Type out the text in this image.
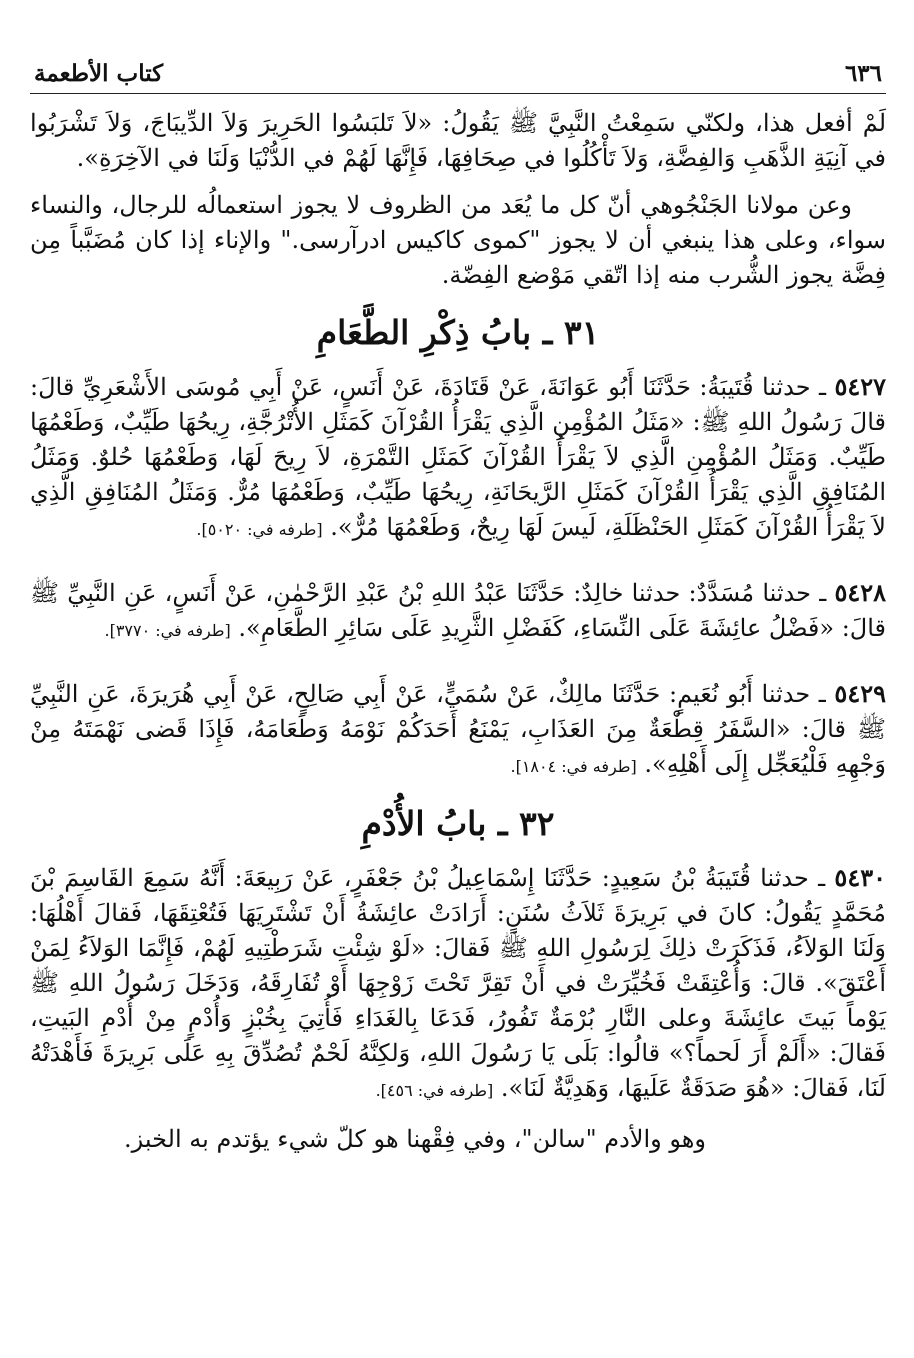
٦٣٦
كتاب الأطعمة

لَمْ أفعل هذا، ولكنّي سَمِعْتُ النَّبِيَّ ﷺ يَقُولُ: «لاَ تَلبَسُوا الحَرِيرَ وَلاَ الدِّيبَاجَ، وَلاَ تَشْرَبُوا في آنِيَةِ الذَّهَبِ وَالفِضَّةِ، وَلاَ تَأْكُلُوا في صِحَافِهَا، فَإِنَّهَا لَهُمْ في الدُّنْيَا وَلَنَا في الآخِرَةِ».

وعن مولانا الجَنْجُوهي أنّ كل ما يُعَد من الظروف لا يجوز استعمالُه للرجال، والنساء سواء، وعلى هذا ينبغي أن لا يجوز "كموى كاكيس ادرآرسى." والإناء إذا كان مُضَبَّباً مِن فِضَّة يجوز الشُّرب منه إذا اتّقي مَوْضع الفِضّة.

٣١ ـ بابُ ذِكْرِ الطَّعَامِ

٥٤٢٧ ـ حدثنا قُتَيبَةُ: حَدَّثَنَا أَبُو عَوَانَةَ، عَنْ قَتَادَةَ، عَنْ أَنَسٍ، عَنْ أَبِي مُوسَى الأَشْعَرِيِّ قالَ: قالَ رَسُولُ اللهِ ﷺ: «مَثَلُ المُؤْمِنِ الَّذِي يَقْرَأُ القُرْآنَ كَمَثَلِ الأُتْرُجَّةِ، رِيحُهَا طَيِّبٌ، وَطَعْمُهَا طَيِّبٌ. وَمَثَلُ المُؤْمِنِ الَّذِي لاَ يَقْرَأُ القُرْآنَ كَمَثَلِ التَّمْرَةِ، لاَ رِيحَ لَهَا، وَطَعْمُهَا حُلوٌ. وَمَثَلُ المُنَافِقِ الَّذِي يَقْرَأُ القُرْآنَ كَمَثَلِ الرَّيحَانَةِ، رِيحُهَا طَيِّبٌ، وَطَعْمُهَا مُرٌّ. وَمَثَلُ المُنَافِقِ الَّذِي لاَ يَقْرَأُ القُرْآنَ كَمَثَلِ الحَنْظَلَةِ، لَيسَ لَهَا رِيحٌ، وَطَعْمُهَا مُرٌّ». [طرفه في: ٥٠٢٠].

٥٤٢٨ ـ حدثنا مُسَدَّدٌ: حدثنا خالِدٌ: حَدَّثَنَا عَبْدُ اللهِ بْنُ عَبْدِ الرَّحْمٰنِ، عَنْ أَنَسٍ، عَنِ النَّبِيِّ ﷺ قالَ: «فَضْلُ عائِشَةَ عَلَى النِّسَاءِ، كَفَضْلِ الثَّرِيدِ عَلَى سَائِرِ الطَّعَامِ». [طرفه في: ٣٧٧٠].

٥٤٢٩ ـ حدثنا أَبُو نُعَيمٍ: حَدَّثَنَا مالِكٌ، عَنْ سُمَيٍّ، عَنْ أَبِي صَالِحٍ، عَنْ أَبِي هُرَيرَةَ، عَنِ النَّبِيِّ ﷺ قالَ: «السَّفَرُ قِطْعَةٌ مِنَ العَذَابِ، يَمْنَعُ أَحَدَكُمْ نَوْمَهُ وَطَعَامَهُ، فَإِذَا قَضى نَهْمَتَهُ مِنْ وَجْهِهِ فَلْيُعَجِّل إِلَى أَهْلِهِ». [طرفه في: ١٨٠٤].

٣٢ ـ بابُ الأُدْمِ

٥٤٣٠ ـ حدثنا قُتَيبَةُ بْنُ سَعِيدٍ: حَدَّثَنَا إِسْمَاعِيلُ بْنُ جَعْفَرٍ، عَنْ رَبِيعَةَ: أَنَّهُ سَمِعَ القَاسِمَ بْنَ مُحَمَّدٍ يَقُولُ: كانَ في بَرِيرَةَ ثَلاَثُ سُنَنٍ: أَرَادَتْ عائِشَةُ أَنْ تَشْتَرِيَهَا فَتُعْتِقَهَا، فَقالَ أَهْلُهَا: وَلَنَا الوَلاَءُ، فَذَكَرَتْ ذلِكَ لِرَسُولِ اللهِ ﷺ فَقالَ: «لَوْ شِئْتِ شَرَطْتِيهِ لَهُمْ، فَإِنَّمَا الوَلاَءُ لِمَنْ أَعْتَقَ». قالَ: وَأُعْتِقَتْ فَخُيِّرَتْ في أَنْ تَقِرَّ تَحْتَ زَوْجِهَا أَوْ تُفَارِقَهُ، وَدَخَلَ رَسُولُ اللهِ ﷺ يَوْماً بَيتَ عائِشَةَ وعلى النَّارِ بُرْمَةٌ تَفُورُ، فَدَعَا بِالغَدَاءِ فَأُتِيَ بِخُبْزٍ وَأُدْمٍ مِنْ أُدْمِ البَيتِ، فَقالَ: «أَلَمْ أَرَ لَحماً؟» قالُوا: بَلَى يَا رَسُولَ اللهِ، وَلكِنَّهُ لَحْمٌ تُصُدِّقَ بِهِ عَلَى بَرِيرَةَ فَأَهْدَتْهُ لَنَا، فَقالَ: «هُوَ صَدَقَةٌ عَلَيهَا، وَهَدِيَّةٌ لَنَا». [طرفه في: ٤٥٦].

وهو والأدم "سالن"، وفي فِقْهنا هو كلّ شيء يؤتدم به الخبز.
